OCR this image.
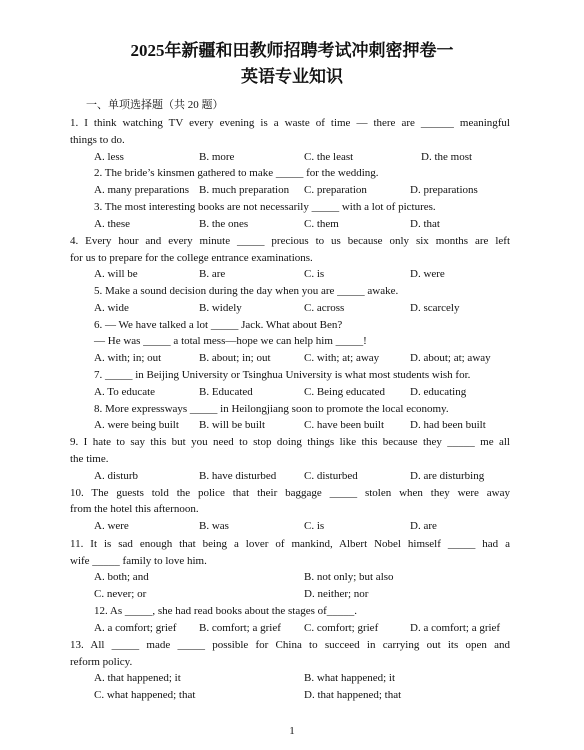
2025年新疆和田教师招聘考试冲刺密押卷一
英语专业知识
一、单项选择题（共 20 题）
1. I think watching TV every evening is a waste of time — there are ______ meaningful
things to do.
A. less	B. more	C. the least	D. the most
2. The bride’s kinsmen gathered to make _____ for the wedding.
A. many preparations B. much preparation C. preparation	D. preparations
3. The most interesting books are not necessarily _____ with a lot of pictures.
A. these	B. the ones	C. them	D. that
4. Every hour and every minute _____ precious to us because only six months are left
for us to prepare for the college entrance examinations.
A. will be	B. are	C. is	D. were
5. Make a sound decision during the day when you are _____ awake.
A. wide	B. widely	C. across	D. scarcely
6. — We have talked a lot _____ Jack. What about Ben?
— He was _____ a total mess—hope we can help him _____!
A. with; in; out	B. about; in; out	C. with; at; away	D. about; at; away
7. _____ in Beijing University or Tsinghua University is what most students wish for.
A. To educate	B. Educated	C. Being educated D. educating
8. More expressways _____ in Heilongjiang soon to promote the local economy.
A. were being built B. will be built	C. have been built D. had been built
9. I hate to say this but you need to stop doing things like this because they _____ me all
the time.
A. disturb	B. have disturbed	C. disturbed	D. are disturbing
10. The guests told the police that their baggage _____ stolen when they were away
from the hotel this afternoon.
A. were	B. was	C. is	D. are
11. It is sad enough that being a lover of mankind, Albert Nobel himself _____ had a
wife _____ family to love him.
A. both; and	B. not only; but also
C. never; or	D. neither; nor
12. As _____, she had read books about the stages of_____.
A. a comfort; grief B. comfort; a grief C. comfort; grief	D. a comfort; a grief
13. All _____ made _____ possible for China to succeed in carrying out its open and
reform policy.
A. that happened; it	B. what happened; it
C. what happened; that	D. that happened; that
1
